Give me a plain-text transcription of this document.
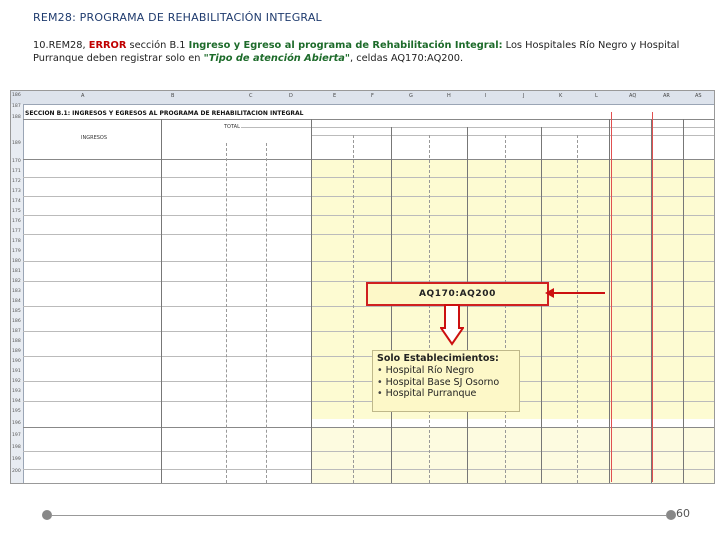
REM28: PROGRAMA DE REHABILITACIÓN INTEGRAL
10.REM28, ERROR sección B.1 Ingreso y Egreso al programa de Rehabilitación Integral: Los Hospitales Río Negro y Hospital Purranque deben registrar solo en "Tipo de atención Abierta", celdas AQ170:AQ200.
A	B	C	D	E	F	G	H	I	J	K	L	AQ	AR	AS
SECCION B.1: INGRESOS Y EGRESOS AL PROGRAMA DE REHABILITACION INTEGRAL
TOTAL
INGRESOS
186
187
188
189
170
171
172
173
174
175
176
177
178
179
180
181
182
183
184
185
186
187
188
189
190
191
192
193
194
195
196
197
198
199
200
AQ170:AQ200
Solo Establecimientos:
• Hospital Río Negro
• Hospital Base SJ Osorno
• Hospital Purranque
60
